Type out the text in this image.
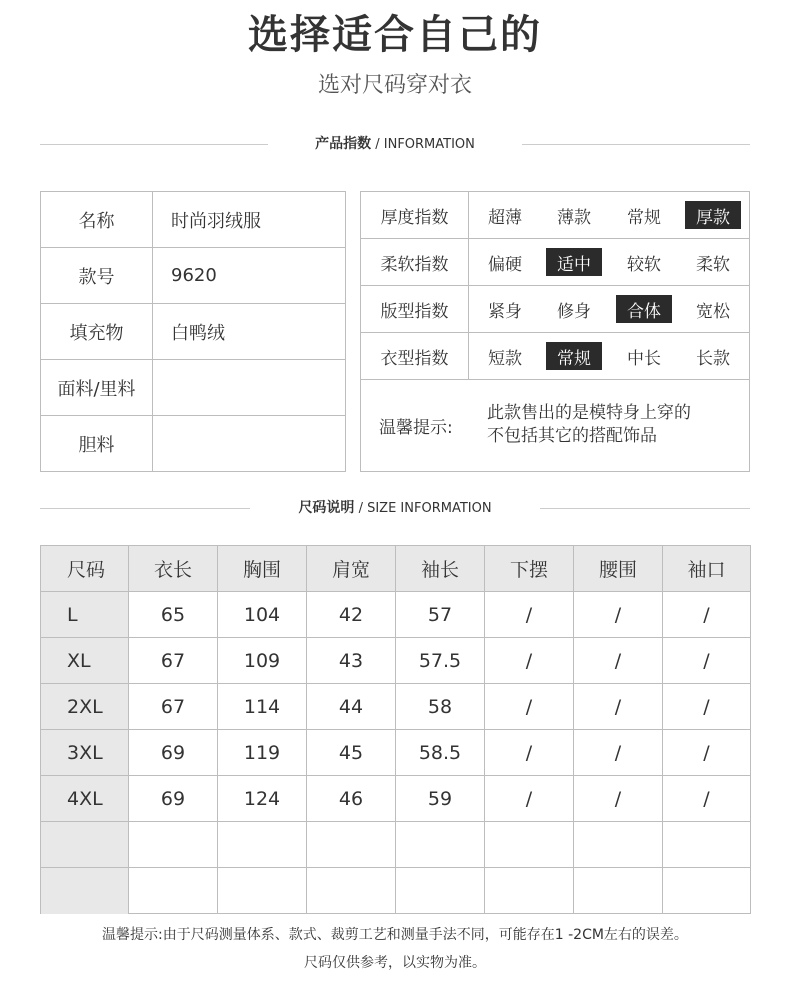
选择适合自己的
选对尺码穿对衣
产品指数 / INFORMATION
名称	时尚羽绒服
款号	9620
填充物	白鸭绒
面料/里料
胆料
厚度指数	超薄	薄款	常规	厚款
柔软指数	偏硬	适中	较软	柔软
版型指数	紧身	修身	合体	宽松
衣型指数	短款	常规	中长	长款
温馨提示:
此款售出的是模特身上穿的
不包括其它的搭配饰品
尺码说明 / SIZE INFORMATION
尺码	衣长	胸围	肩宽	袖长	下摆	腰围	袖口
L	65	104	42	57	/	/	/
XL	67	109	43	57.5	/	/	/
2XL	67	114	44	58	/	/	/
3XL	69	119	45	58.5	/	/	/
4XL	69	124	46	59	/	/	/
温馨提示:由于尺码测量体系、款式、裁剪工艺和测量手法不同，可能存在1 -2CM左右的误差。
尺码仅供参考，以实物为准。
